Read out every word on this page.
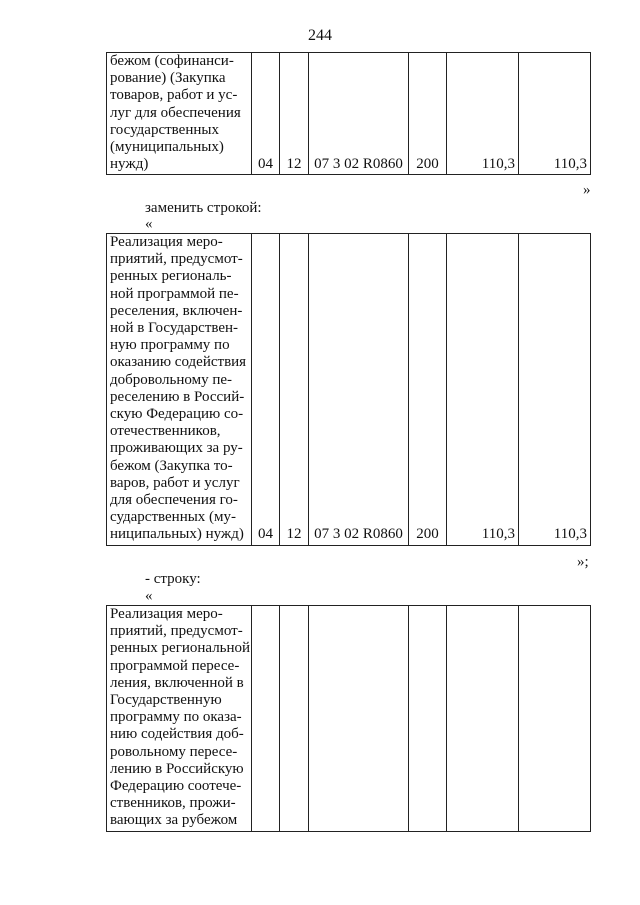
244
бежом (софинанси-
рование) (Закупка
товаров, работ и ус-
луг для обеспечения
государственных
(муниципальных)
нужд)	04	12	07 3 02 R0860	200	110,3	110,3
»
заменить строкой:
«
Реализация меро-
приятий, предусмот-
ренных региональ-
ной программой пе-
реселения, включен-
ной в Государствен-
ную программу по
оказанию содействия
добровольному пе-
реселению в Россий-
скую Федерацию со-
отечественников,
проживающих за ру-
бежом (Закупка то-
варов, работ и услуг
для обеспечения го-
сударственных (му-
ниципальных) нужд)	04	12	07 3 02 R0860	200	110,3	110,3
»;
- строку:
«
Реализация меро-
приятий, предусмот-
ренных региональной
программой пересе-
ления, включенной в
Государственную
программу по оказа-
нию содействия доб-
ровольному пересе-
лению в Российскую
Федерацию соотече-
ственников, прожи-
вающих за рубежом
